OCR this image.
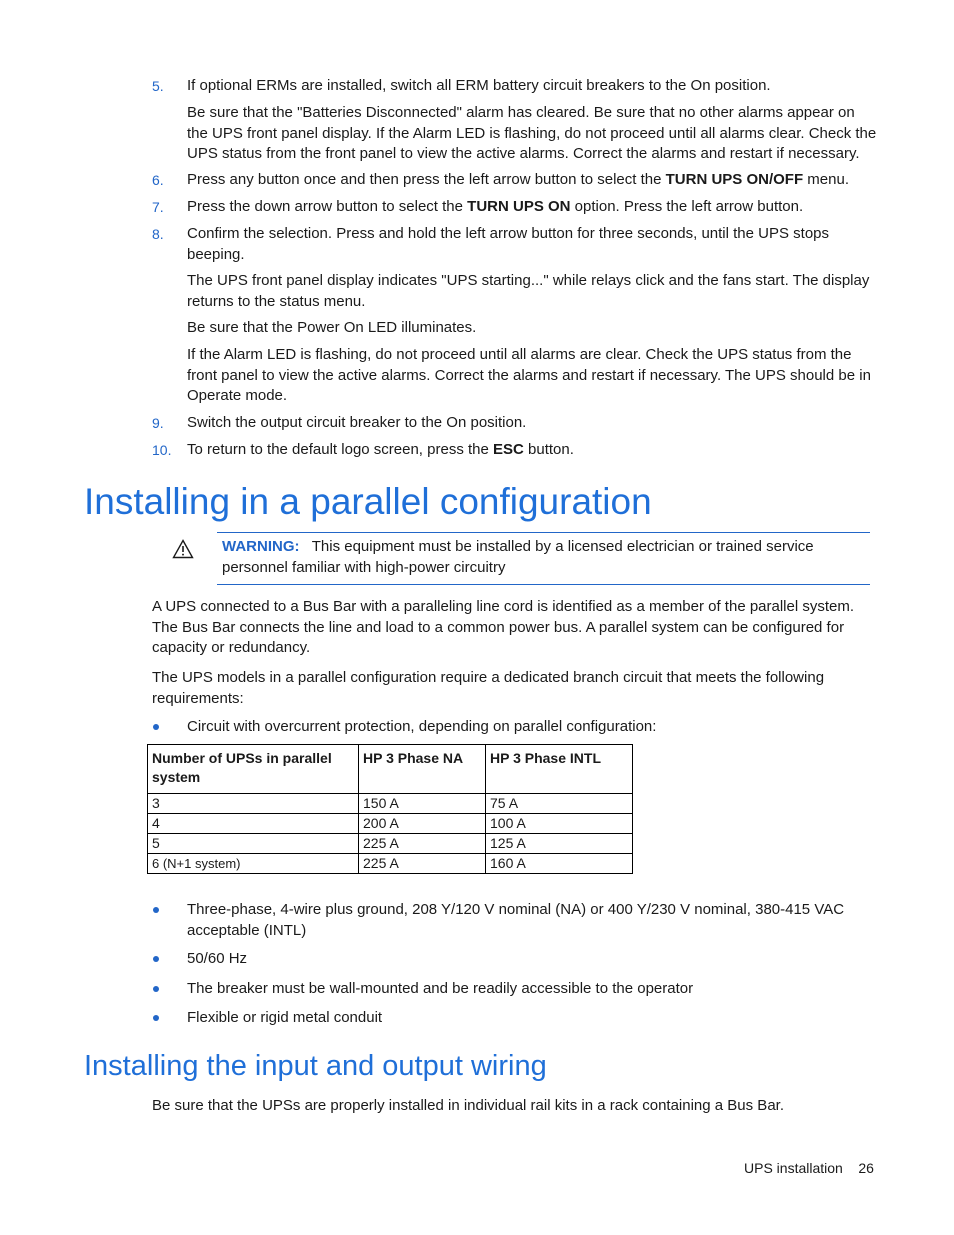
5. If optional ERMs are installed, switch all ERM battery circuit breakers to the On position.
Be sure that the "Batteries Disconnected" alarm has cleared. Be sure that no other alarms appear on the UPS front panel display. If the Alarm LED is flashing, do not proceed until all alarms clear. Check the UPS status from the front panel to view the active alarms. Correct the alarms and restart if necessary.
6. Press any button once and then press the left arrow button to select the TURN UPS ON/OFF menu.
7. Press the down arrow button to select the TURN UPS ON option. Press the left arrow button.
8. Confirm the selection. Press and hold the left arrow button for three seconds, until the UPS stops beeping.
The UPS front panel display indicates "UPS starting..." while relays click and the fans start. The display returns to the status menu.
Be sure that the Power On LED illuminates.
If the Alarm LED is flashing, do not proceed until all alarms are clear. Check the UPS status from the front panel to view the active alarms. Correct the alarms and restart if necessary. The UPS should be in Operate mode.
9. Switch the output circuit breaker to the On position.
10. To return to the default logo screen, press the ESC button.
Installing in a parallel configuration
WARNING: This equipment must be installed by a licensed electrician or trained service personnel familiar with high-power circuitry
A UPS connected to a Bus Bar with a paralleling line cord is identified as a member of the parallel system. The Bus Bar connects the line and load to a common power bus. A parallel system can be configured for capacity or redundancy.
The UPS models in a parallel configuration require a dedicated branch circuit that meets the following requirements:
Circuit with overcurrent protection, depending on parallel configuration:
Number of UPSs in parallel system	HP 3 Phase NA	HP 3 Phase INTL
3	150 A	75 A
4	200 A	100 A
5	225 A	125 A
6 (N+1 system)	225 A	160 A
Three-phase, 4-wire plus ground, 208 Y/120 V nominal (NA) or 400 Y/230 V nominal, 380-415 VAC acceptable (INTL)
50/60 Hz
The breaker must be wall-mounted and be readily accessible to the operator
Flexible or rigid metal conduit
Installing the input and output wiring
Be sure that the UPSs are properly installed in individual rail kits in a rack containing a Bus Bar.
UPS installation 26
